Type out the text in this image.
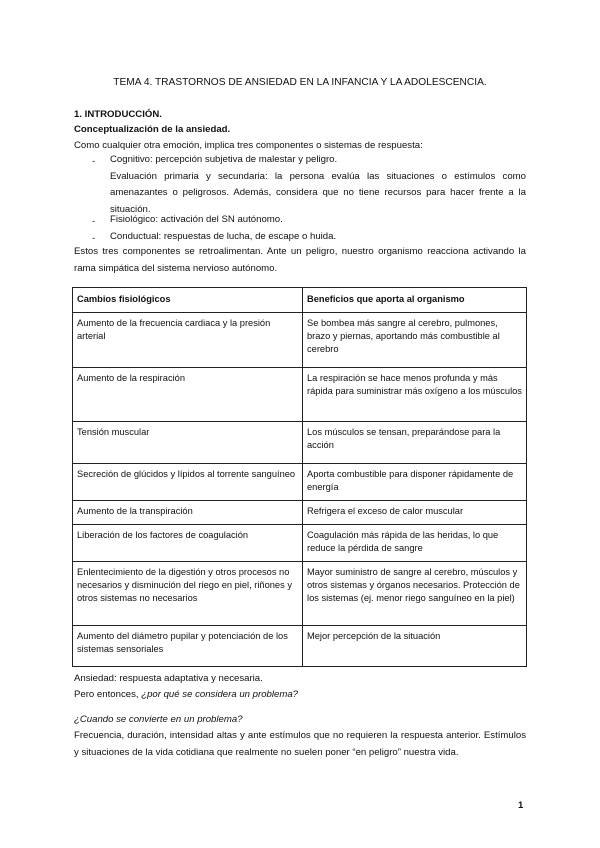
TEMA 4. TRASTORNOS DE ANSIEDAD EN LA INFANCIA Y LA ADOLESCENCIA.
1. INTRODUCCIÓN.
Conceptualización de la ansiedad.
Como cualquier otra emoción, implica tres componentes o sistemas de respuesta:
- Cognitivo: percepción subjetiva de malestar y peligro.
Evaluación primaria y secundaria: la persona evalúa las situaciones o estímulos como amenazantes o peligrosos. Además, considera que no tiene recursos para hacer frente a la situación.
- Fisiológico: activación del SN autónomo.
- Conductual: respuestas de lucha, de escape o huida.
Estos tres componentes se retroalimentan. Ante un peligro, nuestro organismo reacciona activando la rama simpática del sistema nervioso autónomo.
Cambios fisiológicos	Beneficios que aporta al organismo
Aumento de la frecuencia cardiaca y la presión arterial	Se bombea más sangre al cerebro, pulmones, brazo y piernas, aportando más combustible al cerebro
Aumento de la respiración	La respiración se hace menos profunda y más rápida para suministrar más oxígeno a los músculos
Tensión muscular	Los músculos se tensan, preparándose para la acción
Secreción de glúcidos y lípidos al torrente sanguíneo	Aporta combustible para disponer rápidamente de energía
Aumento de la transpiración	Refrigera el exceso de calor muscular
Liberación de los factores de coagulación	Coagulación más rápida de las heridas, lo que reduce la pérdida de sangre
Enlentecimiento de la digestión y otros procesos no necesarios y disminución del riego en piel, riñones y otros sistemas no necesarios	Mayor suministro de sangre al cerebro, músculos y otros sistemas y órganos necesarios. Protección de los sistemas (ej. menor riego sanguíneo en la piel)
Aumento del diámetro pupilar y potenciación de los sistemas sensoriales	Mejor percepción de la situación
Ansiedad: respuesta adaptativa y necesaria.
Pero entonces, ¿por qué se considera un problema?
¿Cuando se convierte en un problema?
Frecuencia, duración, intensidad altas y ante estímulos que no requieren la respuesta anterior. Estímulos y situaciones de la vida cotidiana que realmente no suelen poner “en peligro” nuestra vida.
1
